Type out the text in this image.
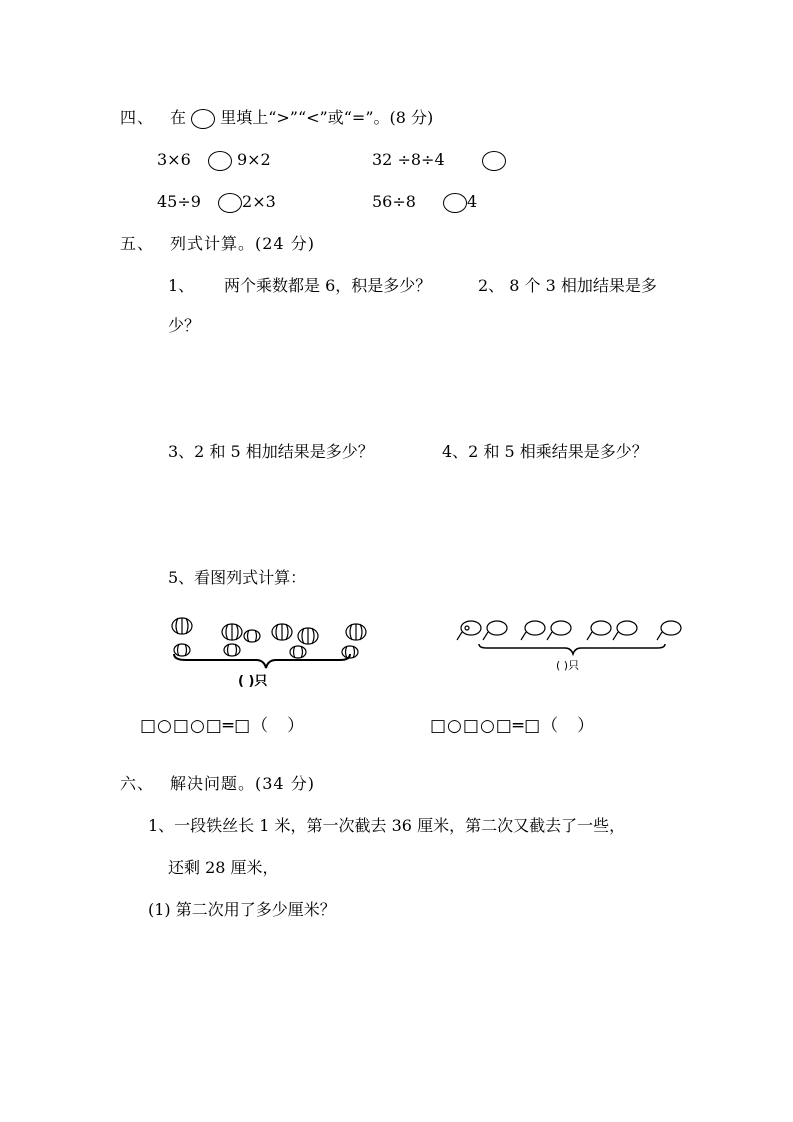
四、 在 里填上“>”“<”或“=”。(8 分)
3×6	9×2	32 ÷8÷4
45÷9	2×3	56÷8	4
五、 列式计算。(24 分)
1、 两个乘数都是 6，积是多少？	2、 8 个 3 相加结果是多
少？
3、2 和 5 相加结果是多少？	4、2 和 5 相乘结果是多少？
5、看图列式计算：
( )只
( )只
□○□○□═□（　）	□○□○□═□（　）
六、 解决问题。(34 分)
1、一段铁丝长 1 米，第一次截去 36 厘米，第二次又截去了一些，
还剩 28 厘米，
(1) 第二次用了多少厘米？
